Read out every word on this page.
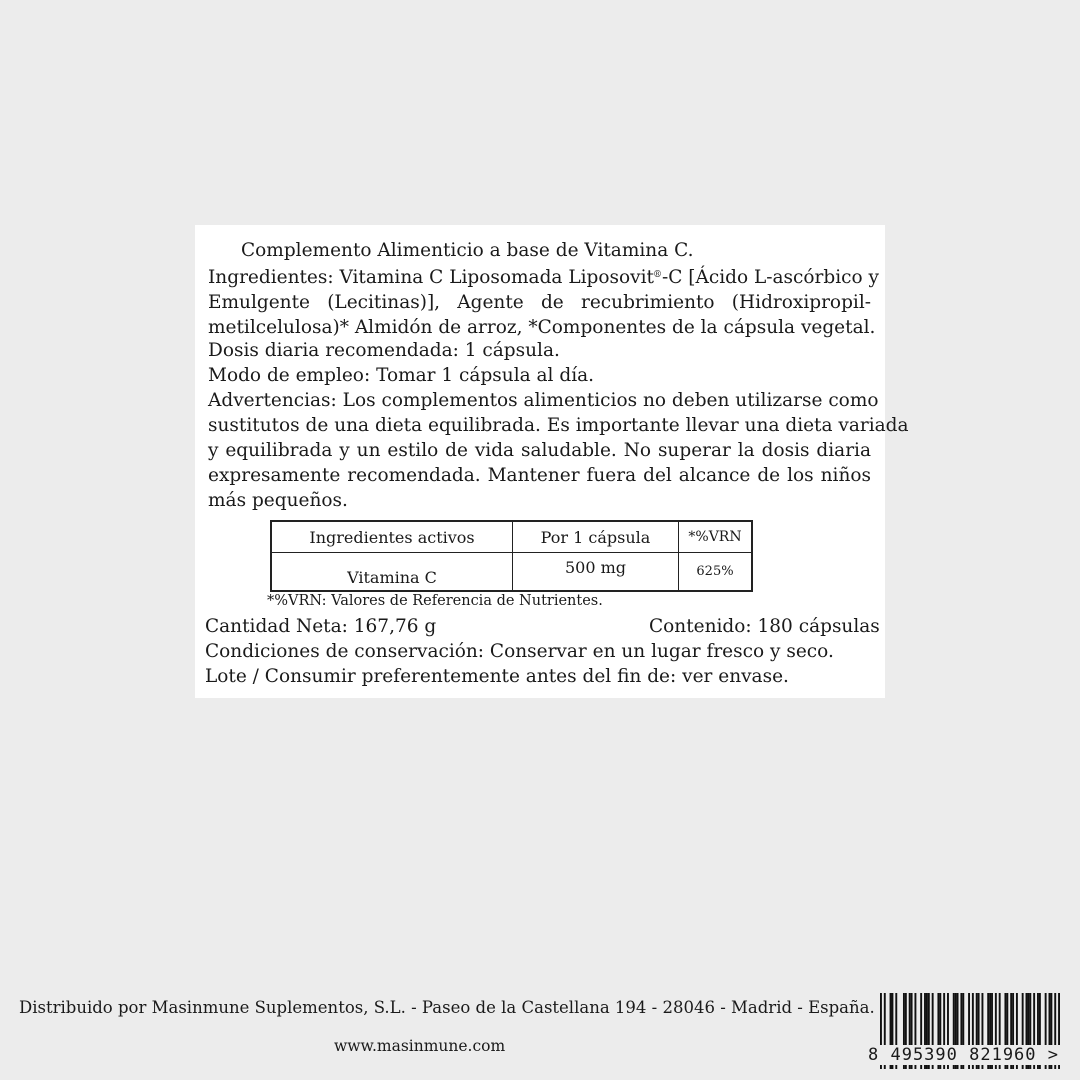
Complemento Alimenticio a base de Vitamina C.
Ingredientes: Vitamina C Liposomada Liposovit®-C [Ácido L-ascórbico y
Emulgente (Lecitinas)], Agente de recubrimiento (Hidroxipropil-
metilcelulosa)* Almidón de arroz, *Componentes de la cápsula vegetal.
Dosis diaria recomendada: 1 cápsula.
Modo de empleo: Tomar 1 cápsula al día.
Advertencias: Los complementos alimenticios no deben utilizarse como
sustitutos de una dieta equilibrada. Es importante llevar una dieta variada
y equilibrada y un estilo de vida saludable. No superar la dosis diaria
expresamente recomendada. Mantener fuera del alcance de los niños
más pequeños.
Ingredientes activos	Por 1 cápsula	*%VRN
Vitamina C	500 mg	625%
*%VRN: Valores de Referencia de Nutrientes.
Cantidad Neta: 167,76 g	Contenido: 180 cápsulas
Condiciones de conservación: Conservar en un lugar fresco y seco.
Lote / Consumir preferentemente antes del fin de: ver envase.
Distribuido por Masinmune Suplementos, S.L. - Paseo de la Castellana 194 - 28046 - Madrid - España.
www.masinmune.com	8 495390 821960 >
